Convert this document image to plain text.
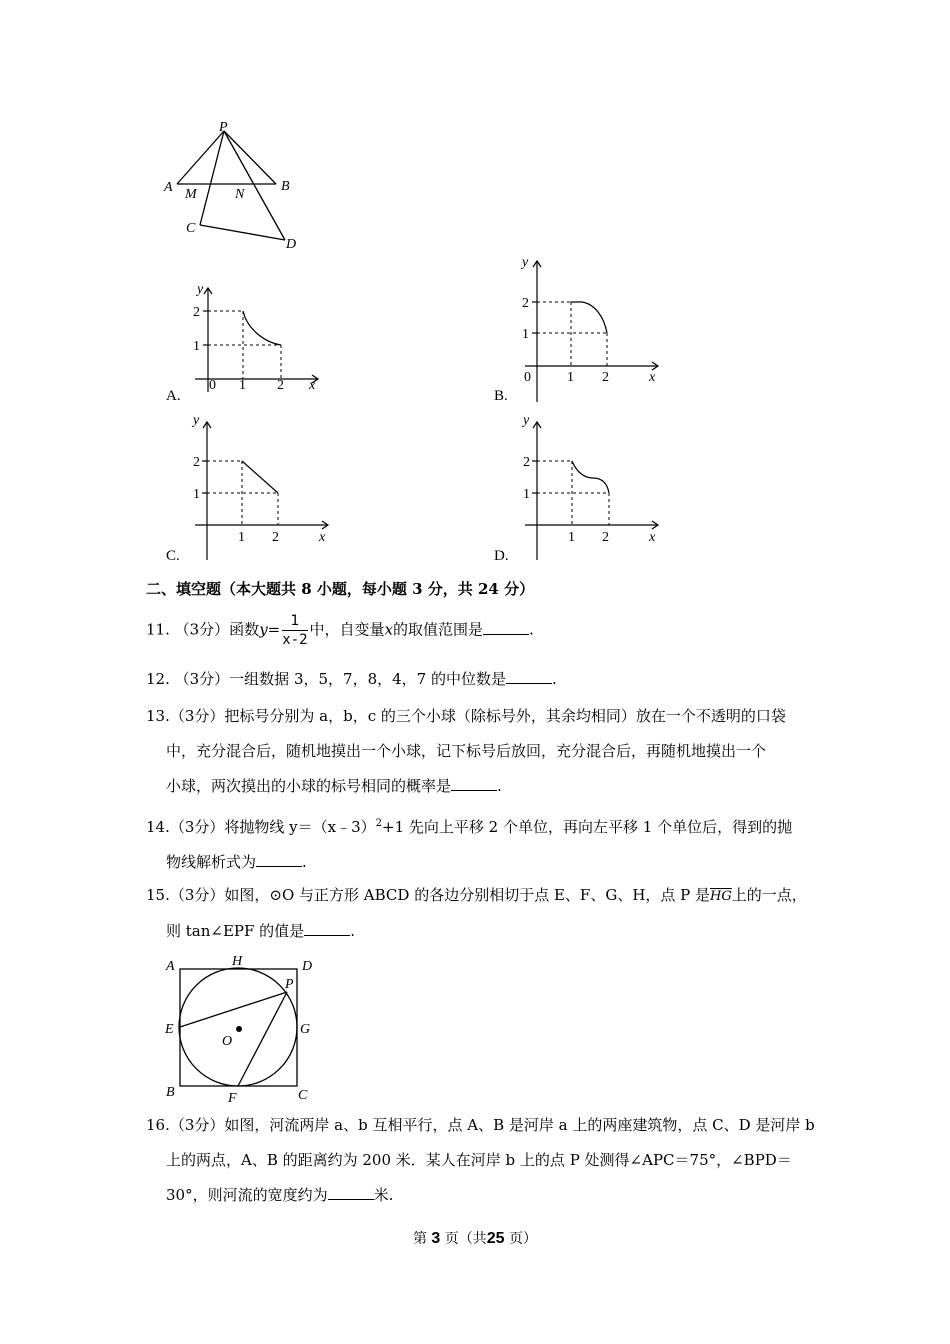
P
A M	N
B
C
D
y
2
1
0 1 2 x
A.
y
2
1
0	1 2	x
B.
y
2
1
1 2	x
C.
y
2
1
1 2	x
D.
二、填空题（本大题共 8 小题，每小题 3 分，共 24 分）
11. （3分）函数$y= \frac{1}{x-2}$ 中，自变量x的取值范围是	.
12. （3分）一组数据 3，5，7，8，4，7 的中位数是	.
13.（3分）把标号分别为 a，b，c 的三个小球（除标号外，其余均相同）放在一个不透明的口袋
中，充分混合后，随机地摸出一个小球，记下标号后放回，充分混合后，再随机地摸出一个
小球，两次摸出的小球的标号相同的概率是	.
14.（3分）将抛物线 y＝（x﹣3）$^2$+1 先向上平移 2 个单位，再向左平移 1 个单位后，得到的抛
物线解析式为	.
15.（3分）如图，⊙O 与正方形 ABCD 的各边分别相切于点 E、F、G、H，点 P 是$\overline{HG}$上的一点，
则 tan∠EPF 的值是	.
A	H	D
P
E	G
O
B	F	C
16.（3分）如图，河流两岸 a、b 互相平行，点 A、B 是河岸 a 上的两座建筑物，点 C、D 是河岸 b
上的两点，A、B 的距离约为 200 米．某人在河岸 b 上的点 P 处测得∠APC＝75°，∠BPD＝
30°，则河流的宽度约为	米.
第 3 页（共25 页）
